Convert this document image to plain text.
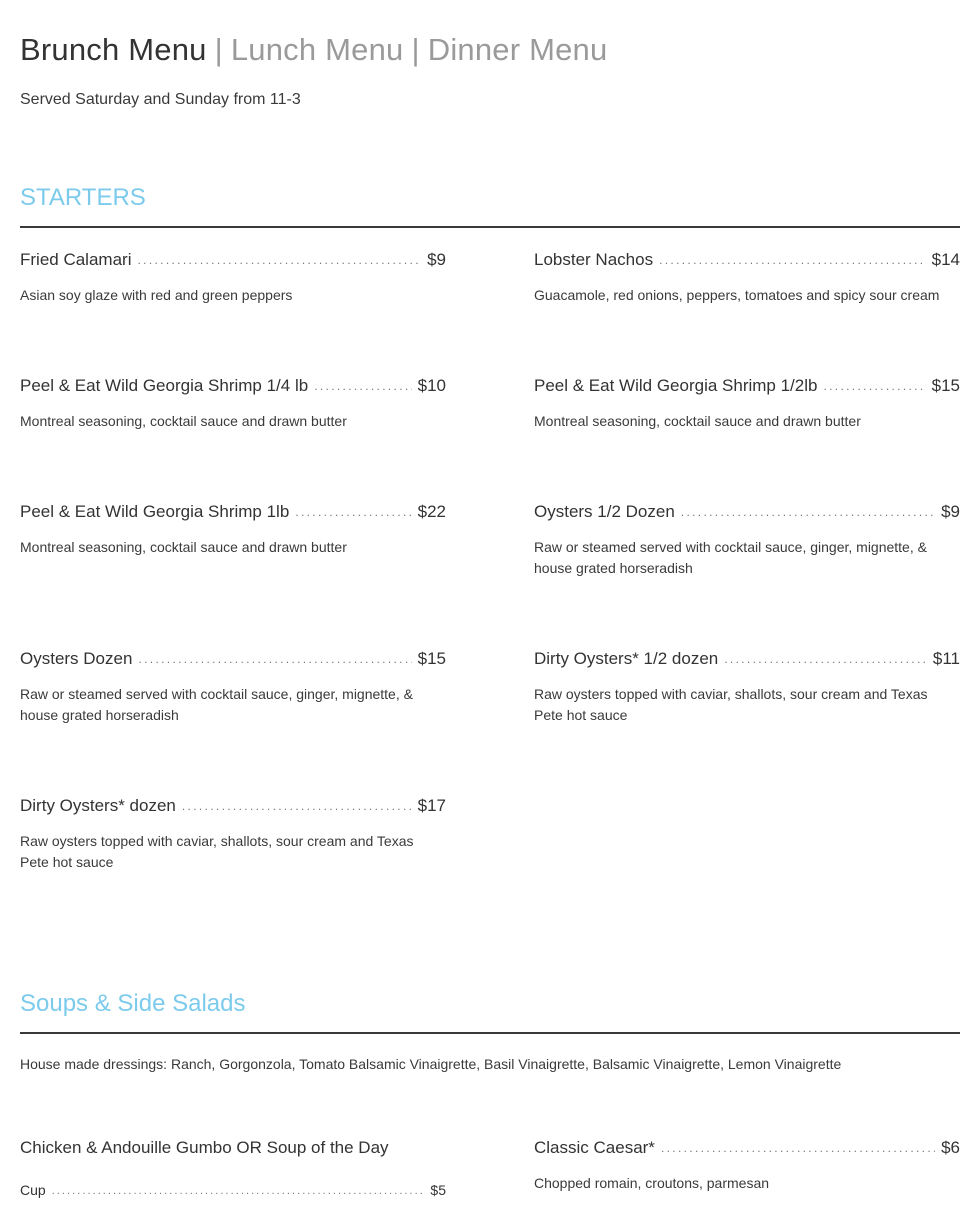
Brunch Menu | Lunch Menu | Dinner Menu
Served Saturday and Sunday from 11-3
STARTERS
Fried Calamari . . .	$9
Asian soy glaze with red and green peppers
Lobster Nachos . . .	$14
Guacamole, red onions, peppers, tomatoes and spicy sour cream
Peel & Eat Wild Georgia Shrimp 1/4 lb . . .	$10
Montreal seasoning, cocktail sauce and drawn butter
Peel & Eat Wild Georgia Shrimp 1/2lb . . .	$15
Montreal seasoning, cocktail sauce and drawn butter
Peel & Eat Wild Georgia Shrimp 1lb . . .	$22
Montreal seasoning, cocktail sauce and drawn butter
Oysters 1/2 Dozen . . .	$9
Raw or steamed served with cocktail sauce, ginger, mignette, & house grated horseradish
Oysters Dozen . . .	$15
Raw or steamed served with cocktail sauce, ginger, mignette, & house grated horseradish
Dirty Oysters* 1/2 dozen . . .	$11
Raw oysters topped with caviar, shallots, sour cream and Texas Pete hot sauce
Dirty Oysters* dozen . . .	$17
Raw oysters topped with caviar, shallots, sour cream and Texas Pete hot sauce
Soups & Side Salads
House made dressings: Ranch, Gorgonzola, Tomato Balsamic Vinaigrette, Basil Vinaigrette, Balsamic Vinaigrette, Lemon Vinaigrette
Chicken & Andouille Gumbo OR Soup of the Day
Cup . . .	$5
Classic Caesar* . . .	$6
Chopped romain, croutons, parmesan
